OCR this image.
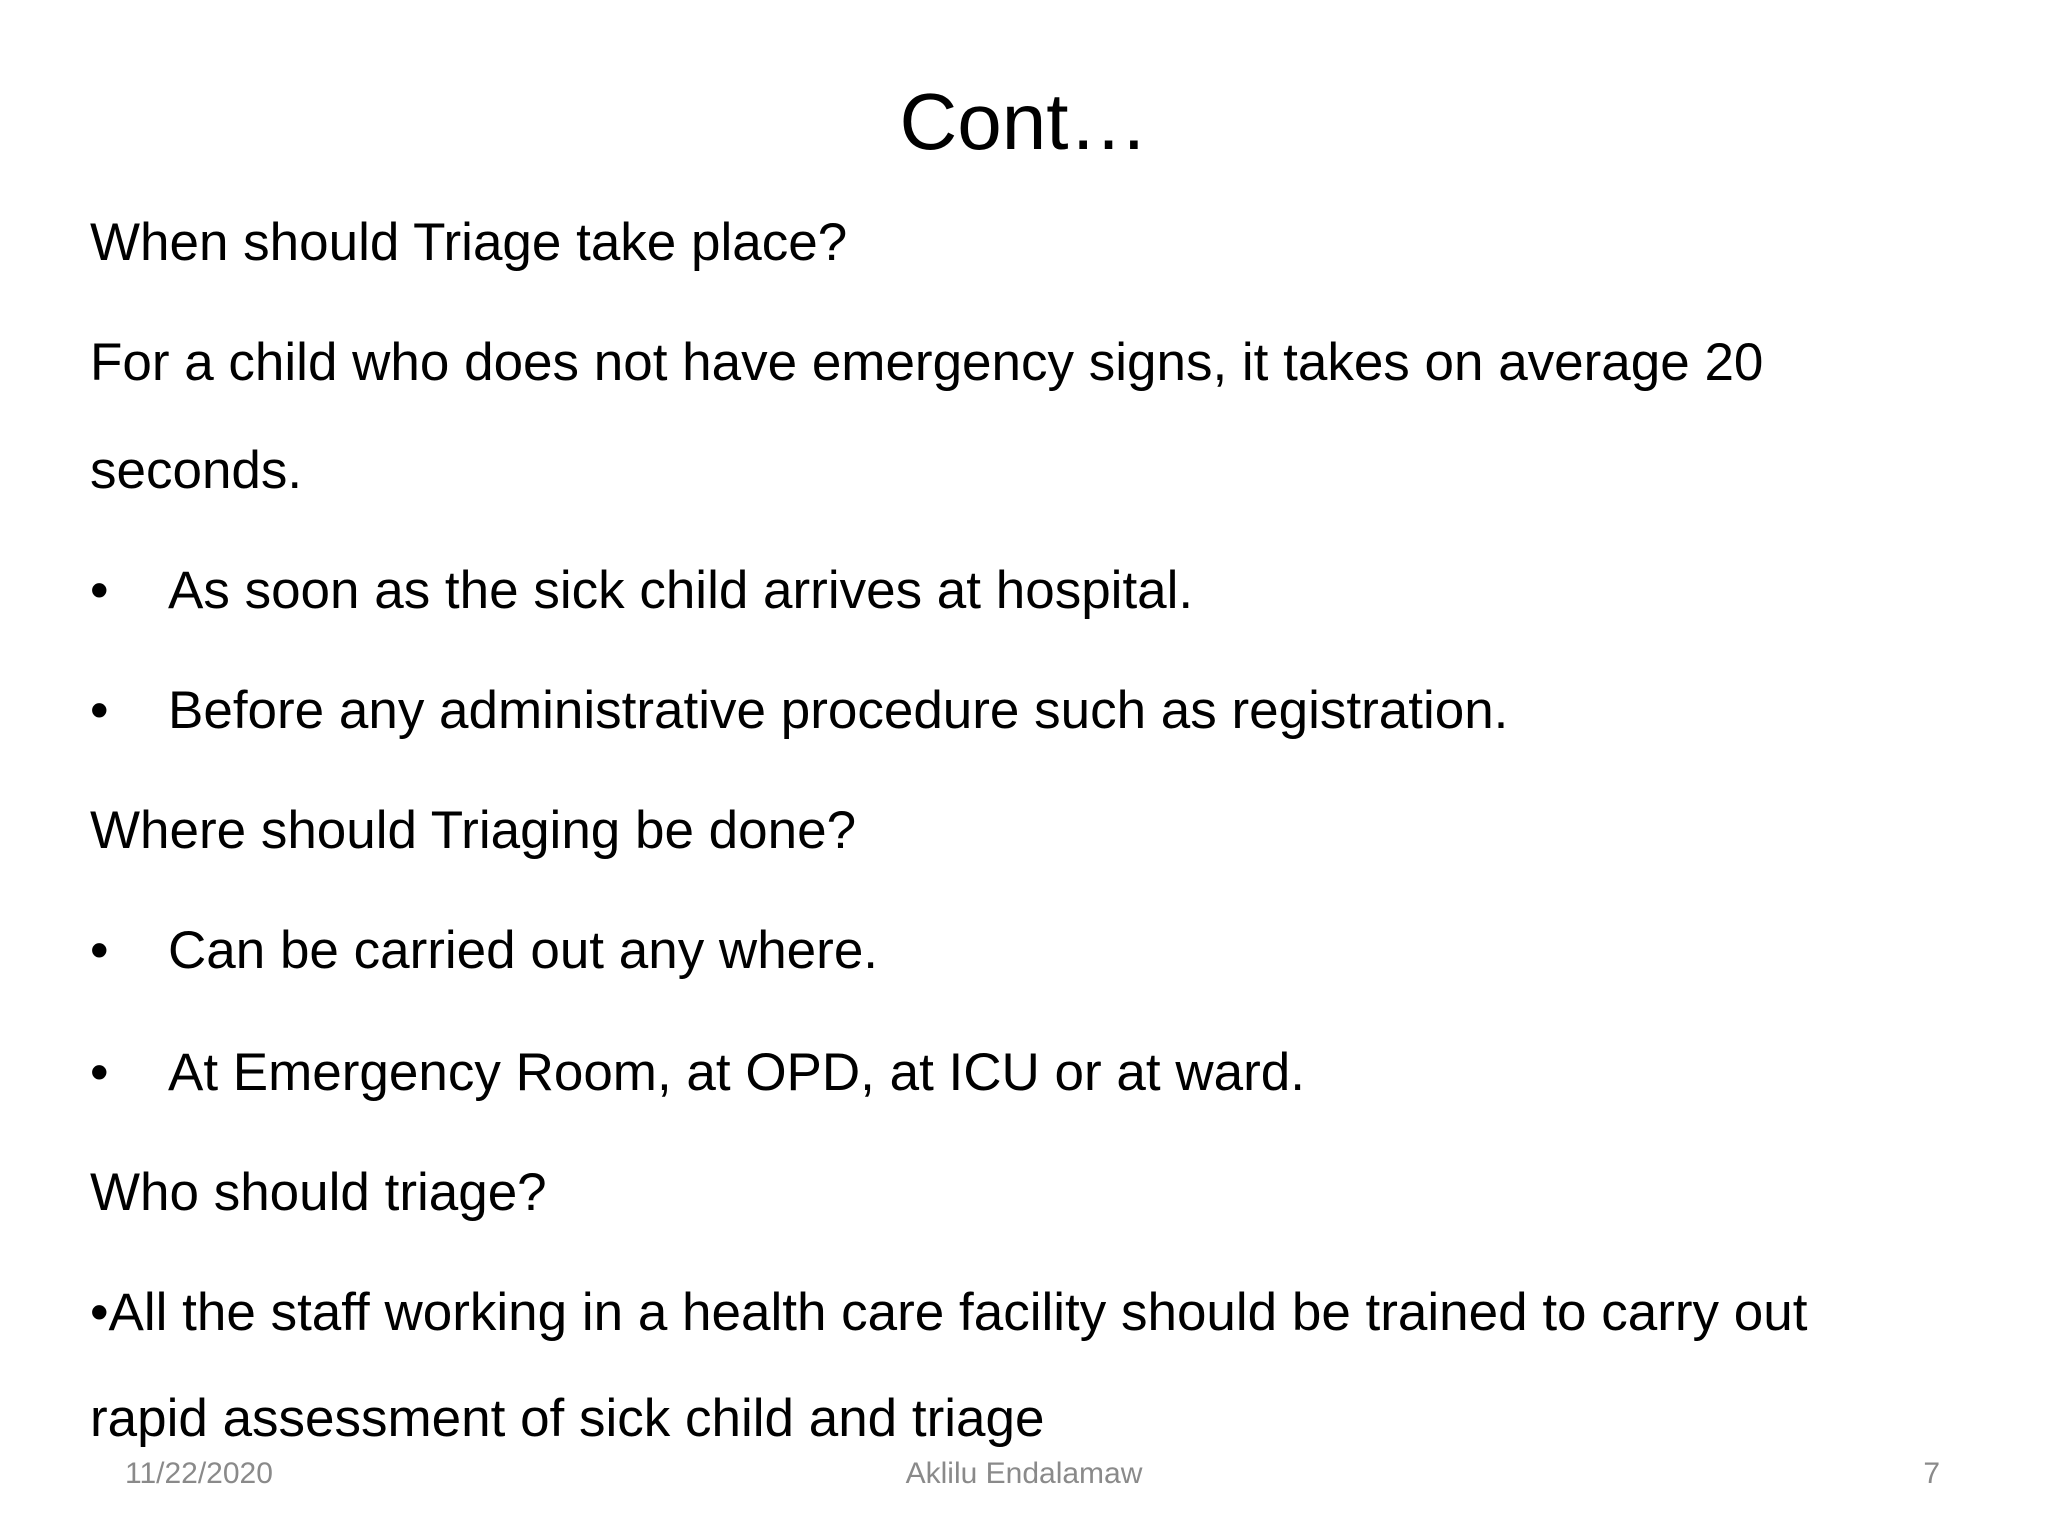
Cont…
When should Triage take place?
For a child who does not have emergency signs, it takes on average 20
seconds.
• As soon as the sick child arrives at hospital.
• Before any administrative procedure such as registration.
Where should Triaging be done?
• Can be carried out any where.
• At Emergency Room, at OPD, at ICU or at ward.
Who should triage?
•All the staff working in a health care facility should be trained to carry out
rapid assessment of sick child and triage
11/22/2020	Aklilu Endalamaw	7
